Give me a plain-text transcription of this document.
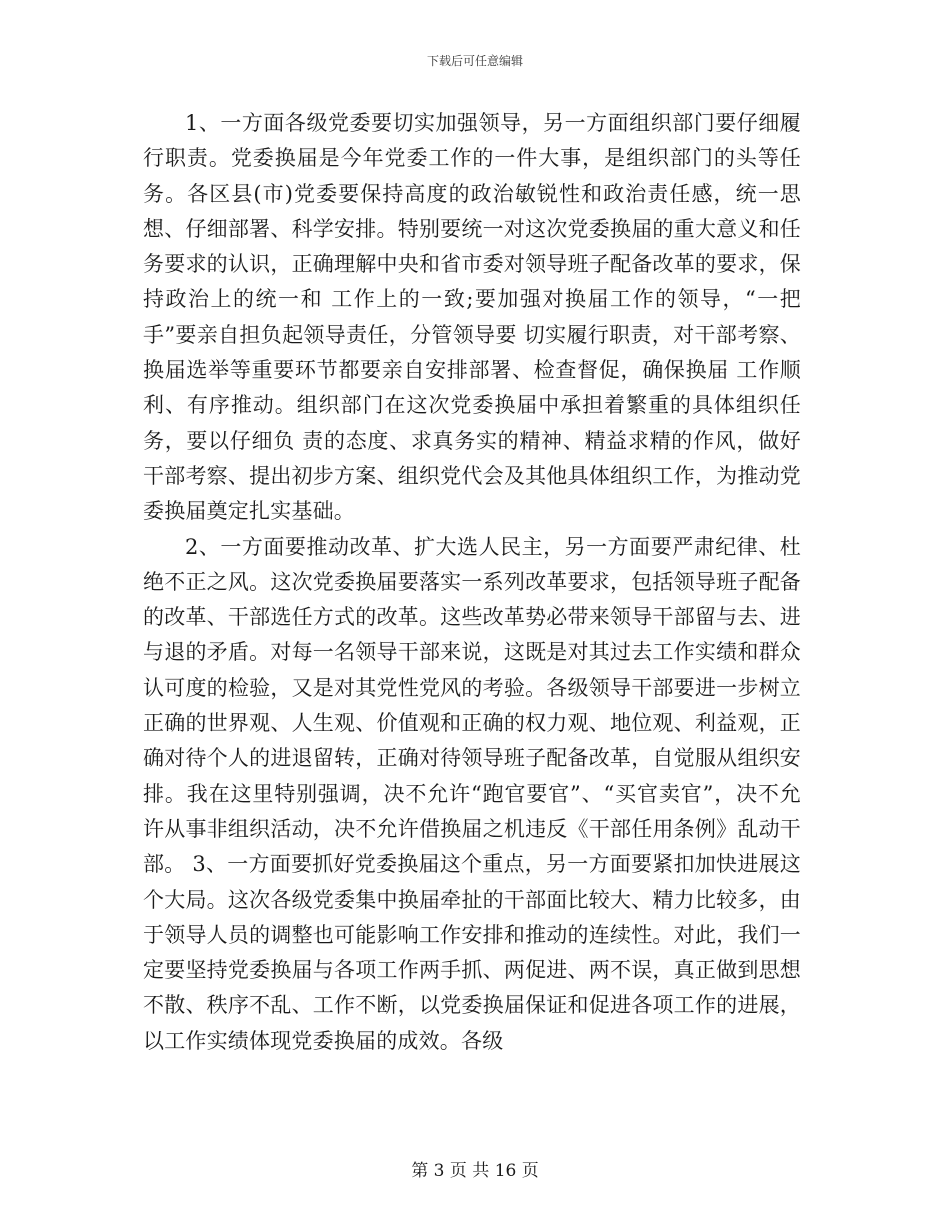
下载后可任意编辑

1、一方面各级党委要切实加强领导，另一方面组织部门要仔细履行职责。党委换届是今年党委工作的一件大事，是组织部门的头等任务。各区县(市)党委要保持高度的政治敏锐性和政治责任感，统一思想、仔细部署、科学安排。特别要统一对这次党委换届的重大意义和任务要求的认识，正确理解中央和省市委对领导班子配备改革的要求，保持政治上的统一和 工作上的一致;要加强对换届工作的领导，“一把手”要亲自担负起领导责任，分管领导要 切实履行职责，对干部考察、换届选举等重要环节都要亲自安排部署、检查督促，确保换届 工作顺利、有序推动。组织部门在这次党委换届中承担着繁重的具体组织任务，要以仔细负 责的态度、求真务实的精神、精益求精的作风，做好干部考察、提出初步方案、组织党代会及其他具体组织工作，为推动党委换届奠定扎实基础。

2、一方面要推动改革、扩大选人民主，另一方面要严肃纪律、杜绝不正之风。这次党委换届要落实一系列改革要求，包括领导班子配备的改革、干部选任方式的改革。这些改革势必带来领导干部留与去、进与退的矛盾。对每一名领导干部来说，这既是对其过去工作实绩和群众认可度的检验，又是对其党性党风的考验。各级领导干部要进一步树立正确的世界观、人生观、价值观和正确的权力观、地位观、利益观，正确对待个人的进退留转，正确对待领导班子配备改革，自觉服从组织安排。我在这里特别强调，决不允许“跑官要官”、“买官卖官”，决不允许从事非组织活动，决不允许借换届之机违反《干部任用条例》乱动干部。 3、一方面要抓好党委换届这个重点，另一方面要紧扣加快进展这个大局。这次各级党委集中换届牵扯的干部面比较大、精力比较多，由于领导人员的调整也可能影响工作安排和推动的连续性。对此，我们一定要坚持党委换届与各项工作两手抓、两促进、两不误，真正做到思想不散、秩序不乱、工作不断，以党委换届保证和促进各项工作的进展，以工作实绩体现党委换届的成效。各级

第 3 页 共 16 页
